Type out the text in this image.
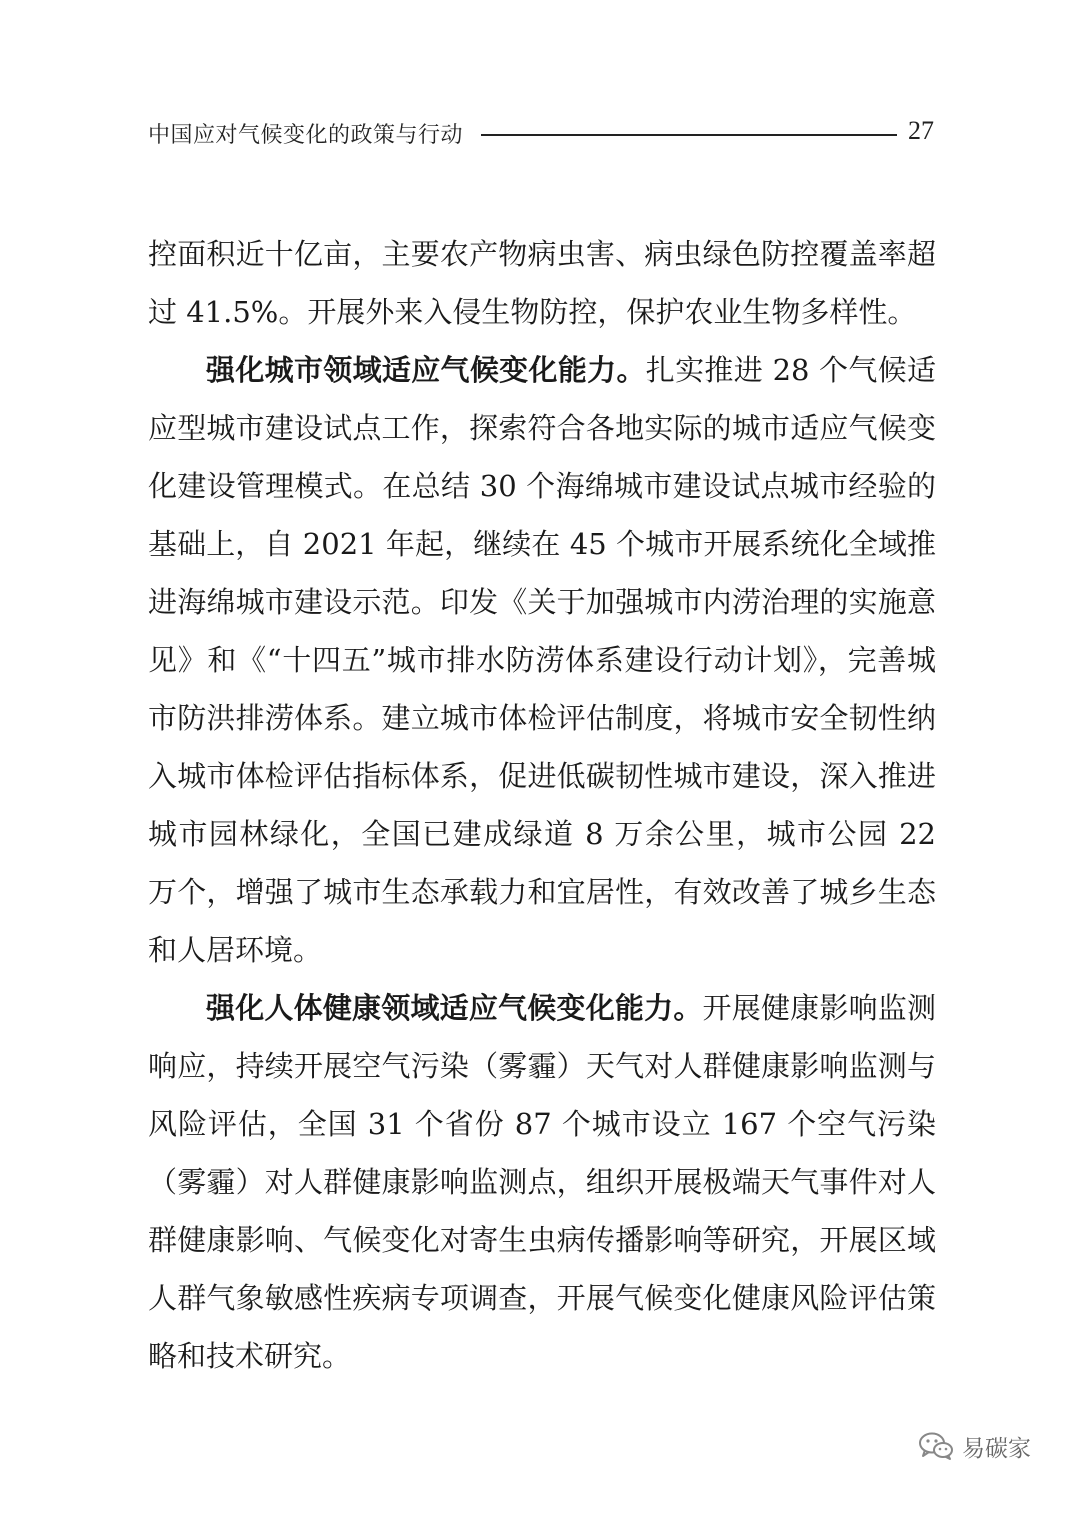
中国应对气候变化的政策与行动	27

控面积近十亿亩，主要农产物病虫害、病虫绿色防控覆盖率超过 41.5%。开展外来入侵生物防控，保护农业生物多样性。

强化城市领域适应气候变化能力。扎实推进 28 个气候适应型城市建设试点工作，探索符合各地实际的城市适应气候变化建设管理模式。在总结 30 个海绵城市建设试点城市经验的基础上，自 2021 年起，继续在 45 个城市开展系统化全域推进海绵城市建设示范。印发《关于加强城市内涝治理的实施意见》和《“十四五”城市排水防涝体系建设行动计划》，完善城市防洪排涝体系。建立城市体检评估制度，将城市安全韧性纳入城市体检评估指标体系，促进低碳韧性城市建设，深入推进城市园林绿化，全国已建成绿道 8 万余公里，城市公园 22 万个，增强了城市生态承载力和宜居性，有效改善了城乡生态和人居环境。

强化人体健康领域适应气候变化能力。开展健康影响监测响应，持续开展空气污染（雾霾）天气对人群健康影响监测与风险评估，全国 31 个省份 87 个城市设立 167 个空气污染（雾霾）对人群健康影响监测点，组织开展极端天气事件对人群健康影响、气候变化对寄生虫病传播影响等研究，开展区域人群气象敏感性疾病专项调查，开展气候变化健康风险评估策略和技术研究。

易碳家
